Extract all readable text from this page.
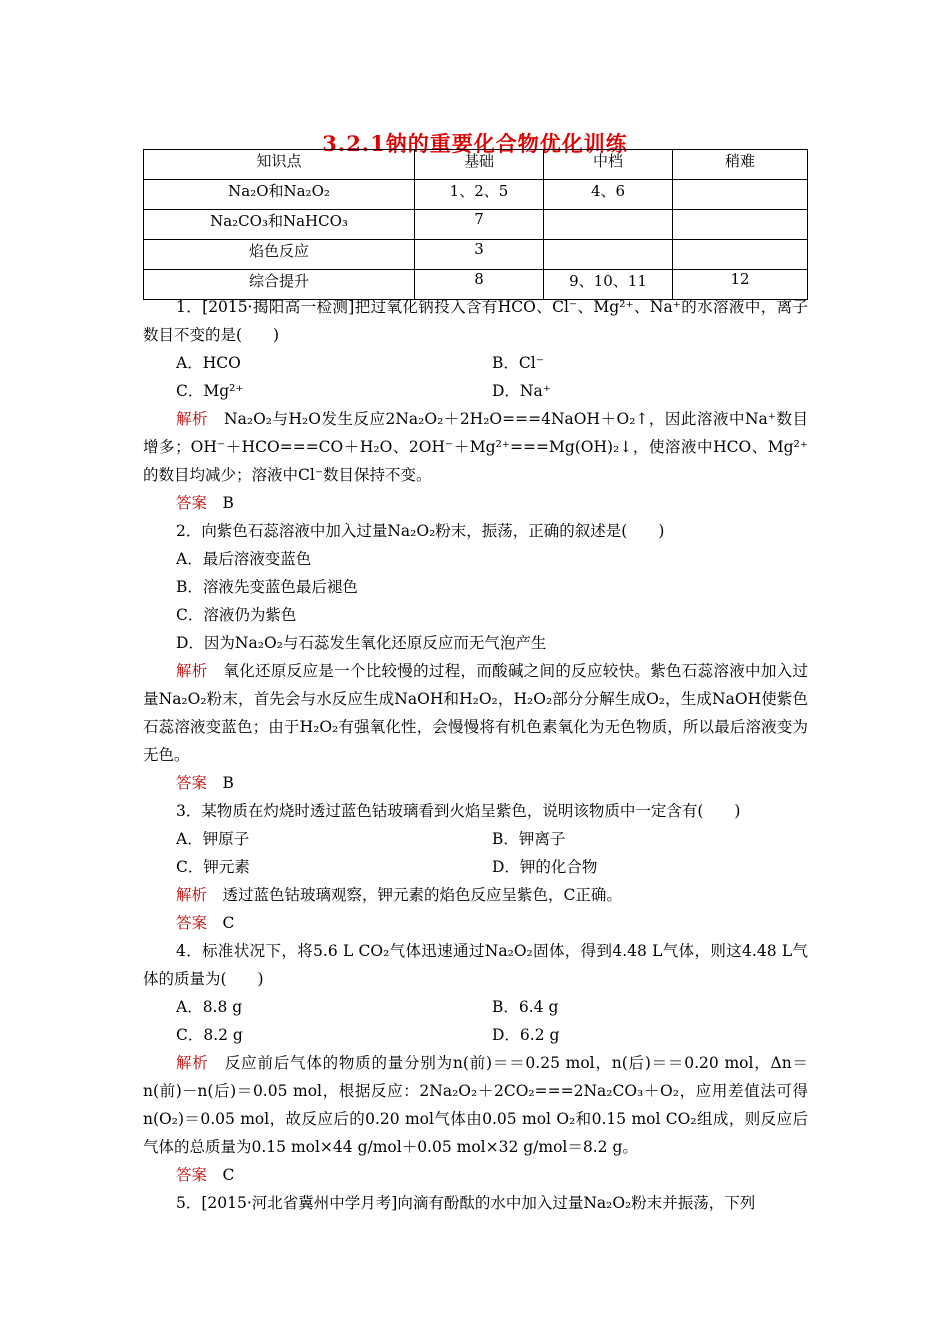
3.2.1钠的重要化合物优化训练
知识点	基础	中档	稍难
Na₂O和Na₂O₂	1、2、5	4、6	
Na₂CO₃和NaHCO₃	7		
焰色反应	3		
综合提升	8	9、10、11	12

1．[2015·揭阳高一检测]把过氧化钠投入含有HCO、Cl⁻、Mg²⁺、Na⁺的水溶液中，离子数目不变的是(　　)

A．HCO	B．Cl⁻
C．Mg²⁺	D．Na⁺

解析　 Na₂O₂与H₂O发生反应2Na₂O₂＋2H₂O===4NaOH＋O₂↑，因此溶液中Na⁺数目增多；OH⁻＋HCO===CO＋H₂O、2OH⁻＋Mg²⁺===Mg(OH)₂↓，使溶液中HCO、Mg²⁺的数目均减少；溶液中Cl⁻数目保持不变。

答案　 B

2．向紫色石蕊溶液中加入过量Na₂O₂粉末，振荡，正确的叙述是(　　)

A．最后溶液变蓝色

B．溶液先变蓝色最后褪色

C．溶液仍为紫色

D．因为Na₂O₂与石蕊发生氧化还原反应而无气泡产生

解析　 氧化还原反应是一个比较慢的过程，而酸碱之间的反应较快。紫色石蕊溶液中加入过量Na₂O₂粉末，首先会与水反应生成NaOH和H₂O₂，H₂O₂部分分解生成O₂，生成NaOH使紫色石蕊溶液变蓝色；由于H₂O₂有强氧化性，会慢慢将有机色素氧化为无色物质，所以最后溶液变为无色。

答案　 B

3．某物质在灼烧时透过蓝色钴玻璃看到火焰呈紫色，说明该物质中一定含有(　　)

A．钾原子	B．钾离子
C．钾元素	D．钾的化合物

解析　 透过蓝色钴玻璃观察，钾元素的焰色反应呈紫色，C正确。

答案　 C

4．标准状况下，将5.6 L CO₂气体迅速通过Na₂O₂固体，得到4.48 L气体，则这4.48 L气体的质量为(　　)

A．8.8 g	B．6.4 g
C．8.2 g	D．6.2 g

解析　 反应前后气体的物质的量分别为n(前)＝＝0.25 mol，n(后)＝＝0.20 mol，Δn＝n(前)－n(后)＝0.05 mol，根据反应：2Na₂O₂＋2CO₂===2Na₂CO₃＋O₂，应用差值法可得n(O₂)＝0.05 mol，故反应后的0.20 mol气体由0.05 mol O₂和0.15 mol CO₂组成，则反应后气体的总质量为0.15 mol×44 g/mol＋0.05 mol×32 g/mol＝8.2 g。

答案　 C

5．[2015·河北省冀州中学月考]向滴有酚酞的水中加入过量Na₂O₂粉末并振荡，下列
